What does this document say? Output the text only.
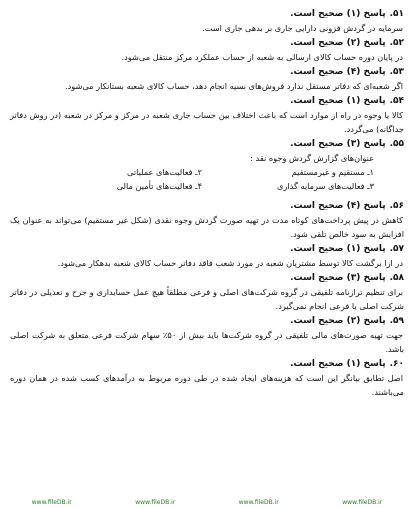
۵۱.پاسخ (۱) صحیح است.
سرمایه در گردش فزونی دارایی جاری بر بدهی جاری است.
۵۲.پاسخ (۲) صحیح است.
در پایان دوره حساب کالای ارسالی به شعبه از حساب عملکرد مرکز منتقل می‌شود.
۵۳.پاسخ (۴) صحیح است.
اگر شعبه‌ای که دفاتر مستقل ندارد فروش‌های نسیه انجام دهد، حساب کالای شعبه بستانکار می‌شود.
۵۴.پاسخ (۱) صحیح است.
کالا یا وجوه در راه از موارد است که باعث اختلاف بین حساب جاری شعبه در مرکز و مرکز در شعبه (در روش دفاتر جداگانه) می‌گردد.
۵۵.پاسخ (۳) صحیح است.
عنوان‌های گزارش گردش وجوه نقد :
۱ـ مستقیم و غیرمستقیم
۲ـ فعالیت‌های عملیاتی
۳ـ فعالیت‌های سرمایه گذاری
۴ـ فعالیت‌های تأمین مالی
۵۶.پاسخ (۴) صحیح است.
کاهش در پیش پرداخت‌های کوتاه مدت در تهیه صورت گردش وجوه نقدی (شکل غیر مستقیم) می‌تواند به عنوان یک افزایش به سود خالص تلقی شود.
۵۷.پاسخ (۱) صحیح است.
در ازا برگشت کالا توسط مشتریان شعبه در مورد شعب فاقد دفاتر حساب کالای شعبه بدهکار می‌شود.
۵۸.پاسخ (۳) صحیح است.
برای تنظیم ترازنامه تلفیقی در گروه شرکت‌های اصلی و فرعی مطلقاً هیچ عمل حسابداری و جرح و تعدیلی در دفاتر شرکت اصلی یا فرعی انجام نمی‌گیرد.
۵۹.پاسخ (۲) صحیح است.
جهت تهیه صورت‌های مالی تلفیقی در گروه شرکت‌ها باید بیش از ۵۰٪ سهام شرکت فرعی متعلق به شرکت اصلی باشد.
۶۰.پاسخ (۱) صحیح است.
اصل تطابق بیانگر این است که هزینه‌های ایجاد شده در طی دوره مربوط به درآمدهای کسب شده در همان دوره می‌باشند.
www.fileDB.ir	www.fileDB.ir	www.fileDB.ir	www.fileDB.ir
